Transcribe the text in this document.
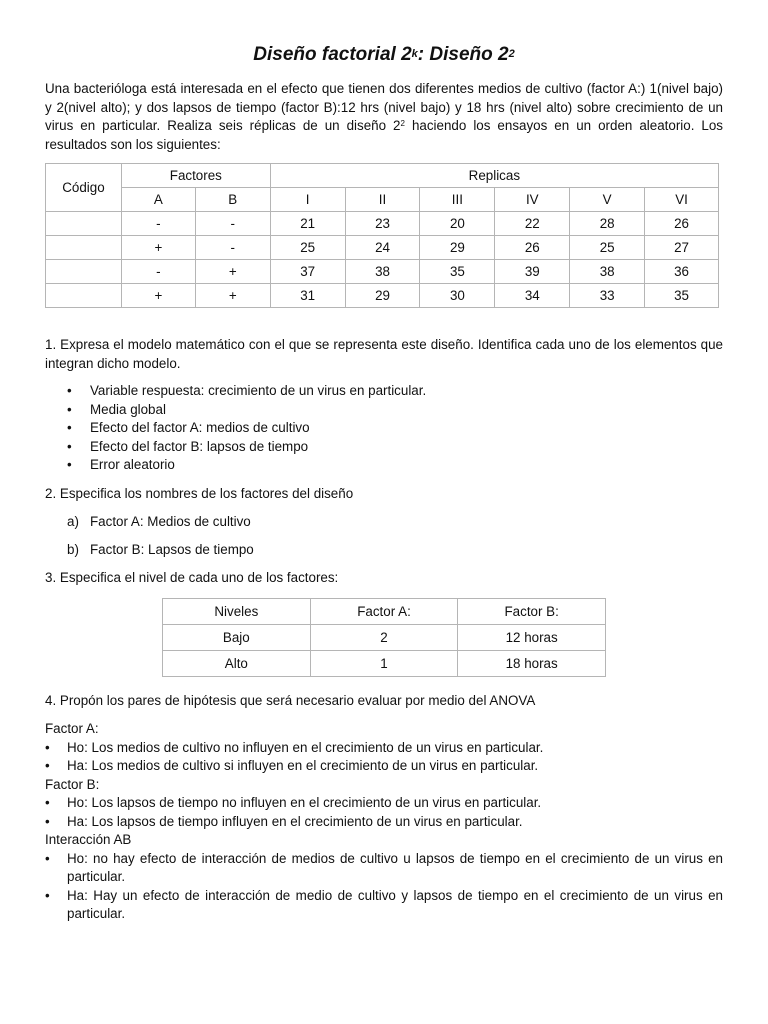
Diseño factorial 2$^k$: Diseño $2^2$
Una bacterióloga está interesada en el efecto que tienen dos diferentes medios de cultivo (factor A:) 1(nivel bajo) y 2(nivel alto); y dos lapsos de tiempo (factor B):12 hrs (nivel bajo) y 18 hrs (nivel alto) sobre crecimiento de un virus en particular. Realiza seis réplicas de un diseño $2^2$ haciendo los ensayos en un orden aleatorio. Los resultados son los siguientes:
Código	Factores		Replicas					
	A	B	I	II	III	IV	V	VI
	-	-	21	23	20	22	28	26
	+	-	25	24	29	26	25	27
	-	+	37	38	35	39	38	36
	+	+	31	29	30	34	33	35
1. Expresa el modelo matemático con el que se representa este diseño. Identifica cada uno de los elementos que integran dicho modelo.
• Variable respuesta: crecimiento de un virus en particular.
• Media global
• Efecto del factor A: medios de cultivo
• Efecto del factor B: lapsos de tiempo
• Error aleatorio
2. Especifica los nombres de los factores del diseño
a) Factor A: Medios de cultivo
b) Factor B: Lapsos de tiempo
3. Especifica el nivel de cada uno de los factores:
Niveles	Factor A:	Factor B:
Bajo	2	12 horas
Alto	1	18 horas
4. Propón los pares de hipótesis que será necesario evaluar por medio del ANOVA
Factor A:
• Ho: Los medios de cultivo no influyen en el crecimiento de un virus en particular.
• Ha: Los medios de cultivo si influyen en el crecimiento de un virus en particular.
Factor B:
• Ho: Los lapsos de tiempo no influyen en el crecimiento de un virus en particular.
• Ha: Los lapsos de tiempo influyen en el crecimiento de un virus en particular.
Interacción AB
• Ho: no hay efecto de interacción de medios de cultivo u lapsos de tiempo en el crecimiento de un virus en particular.
• Ha: Hay un efecto de interacción de medio de cultivo y lapsos de tiempo en el crecimiento de un virus en particular.
